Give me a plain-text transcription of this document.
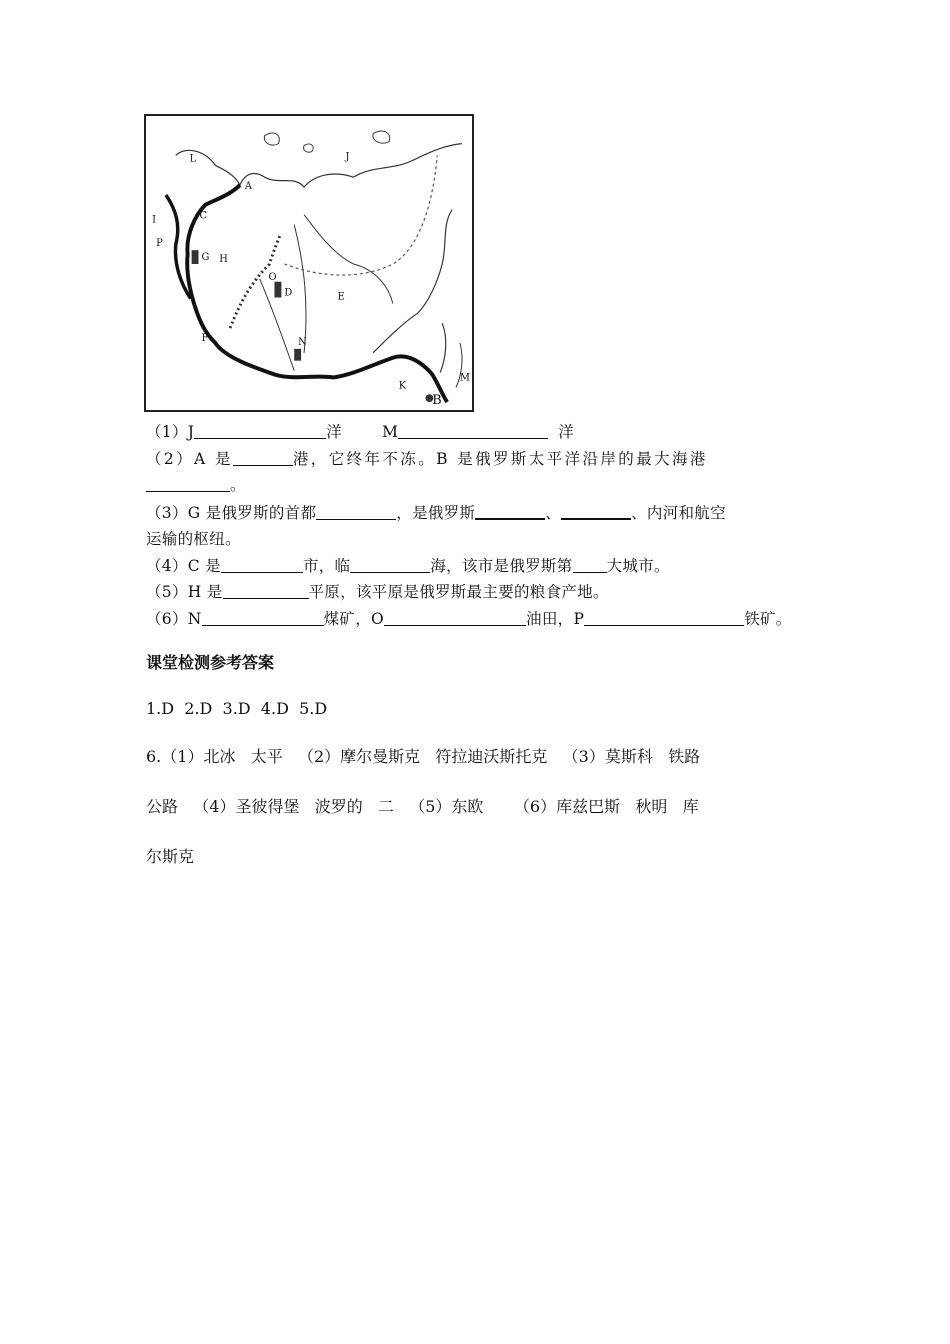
J
L
A
I	C
P
G H
O
D	E
F	N
K
B
M
（1）J	洋	M	洋
（2）A 是	港，它终年不冻。B 是俄罗斯太平洋沿岸的最大海港
。
（3）G 是俄罗斯的首都	，是俄罗斯	、	、内河和航空
运输的枢纽。
（4）C 是	市，临	海，该市是俄罗斯第 大城市。
（5）H 是	平原，该平原是俄罗斯最主要的粮食产地。
（6）N	煤矿，O	油田，P	铁矿。
课堂检测参考答案
1.D  2.D  3.D  4.D  5.D
6.（1）北冰   太平   （2）摩尔曼斯克   符拉迪沃斯托克   （3）莫斯科   铁路
公路   （4）圣彼得堡   波罗的   二   （5）东欧      （6）库兹巴斯   秋明   库
尔斯克
